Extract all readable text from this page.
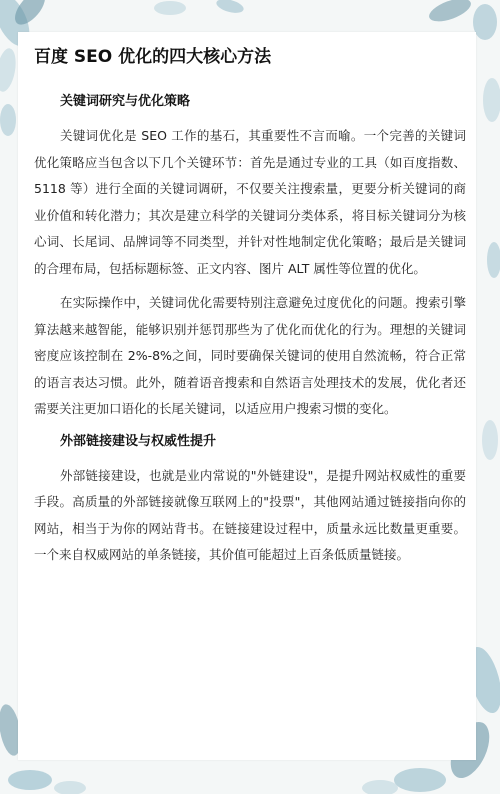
百度 SEO 优化的四大核心方法
关键词研究与优化策略

关键词优化是 SEO 工作的基石，其重要性不言而喻。一个完善的关键词优化策略应当包含以下几个关键环节：首先是通过专业的工具（如百度指数、5118 等）进行全面的关键词调研，不仅要关注搜索量，更要分析关键词的商业价值和转化潜力；其次是建立科学的关键词分类体系，将目标关键词分为核心词、长尾词、品牌词等不同类型，并针对性地制定优化策略；最后是关键词的合理布局，包括标题标签、正文内容、图片 ALT 属性等位置的优化。

在实际操作中，关键词优化需要特别注意避免过度优化的问题。搜索引擎算法越来越智能，能够识别并惩罚那些为了优化而优化的行为。理想的关键词密度应该控制在 2%-8%之间，同时要确保关键词的使用自然流畅，符合正常的语言表达习惯。此外，随着语音搜索和自然语言处理技术的发展，优化者还需要关注更加口语化的长尾关键词，以适应用户搜索习惯的变化。

外部链接建设与权威性提升

外部链接建设，也就是业内常说的"外链建设"，是提升网站权威性的重要手段。高质量的外部链接就像互联网上的"投票"，其他网站通过链接指向你的网站，相当于为你的网站背书。在链接建设过程中，质量永远比数量更重要。一个来自权威网站的单条链接，其价值可能超过上百条低质量链接。
